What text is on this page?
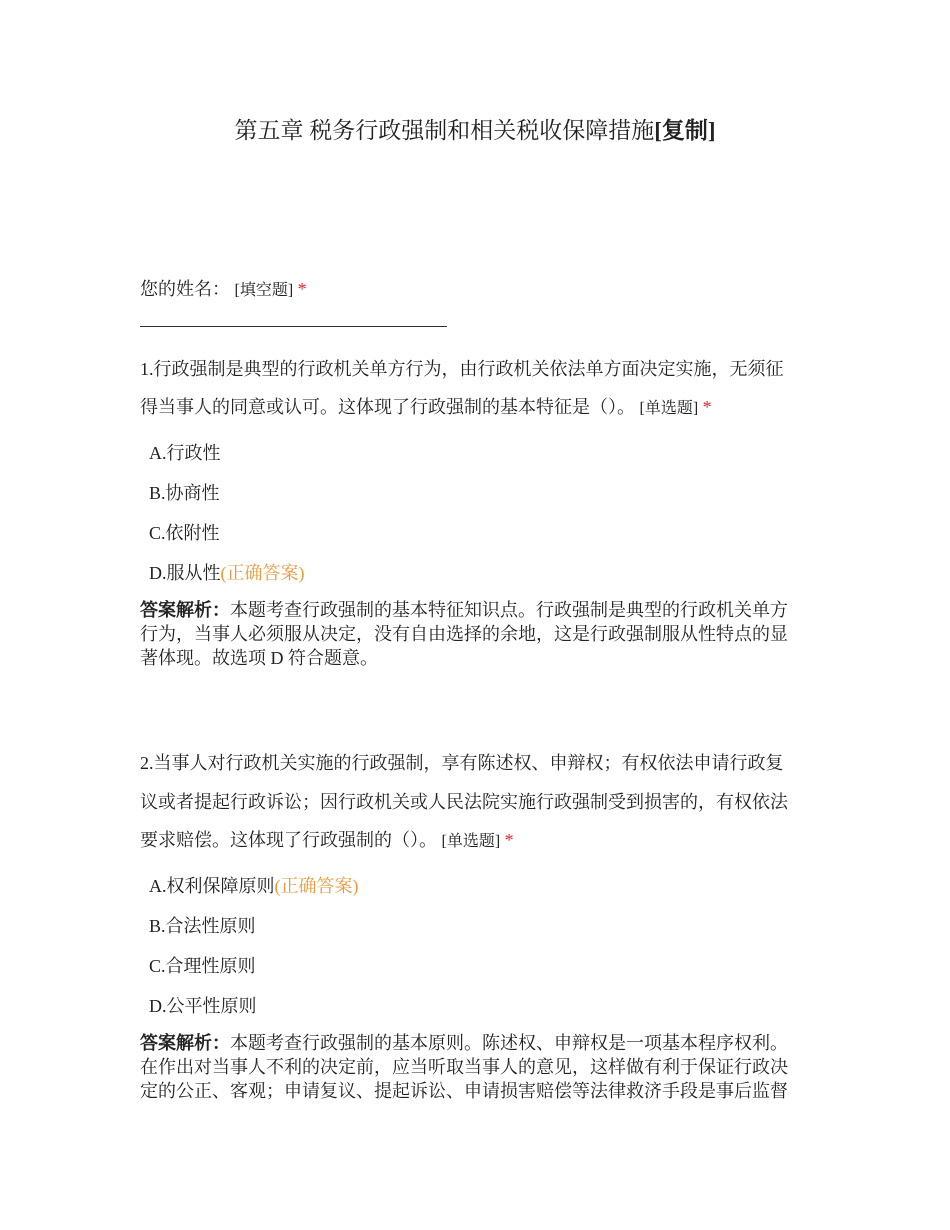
第五章 税务行政强制和相关税收保障措施[复制]
您的姓名： [填空题] *
1.行政强制是典型的行政机关单方行为，由行政机关依法单方面决定实施，无须征
得当事人的同意或认可。这体现了行政强制的基本特征是（）。 [单选题] *
A.行政性
B.协商性
C.依附性
D.服从性(正确答案)
答案解析：本题考查行政强制的基本特征知识点。行政强制是典型的行政机关单方
行为，当事人必须服从决定，没有自由选择的余地，这是行政强制服从性特点的显
著体现。故选项 D 符合题意。
2.当事人对行政机关实施的行政强制，享有陈述权、申辩权；有权依法申请行政复
议或者提起行政诉讼；因行政机关或人民法院实施行政强制受到损害的，有权依法
要求赔偿。这体现了行政强制的（）。 [单选题] *
A.权利保障原则(正确答案)
B.合法性原则
C.合理性原则
D.公平性原则
答案解析：本题考查行政强制的基本原则。陈述权、申辩权是一项基本程序权利。
在作出对当事人不利的决定前，应当听取当事人的意见，这样做有利于保证行政决
定的公正、客观；申请复议、提起诉讼、申请损害赔偿等法律救济手段是事后监督
